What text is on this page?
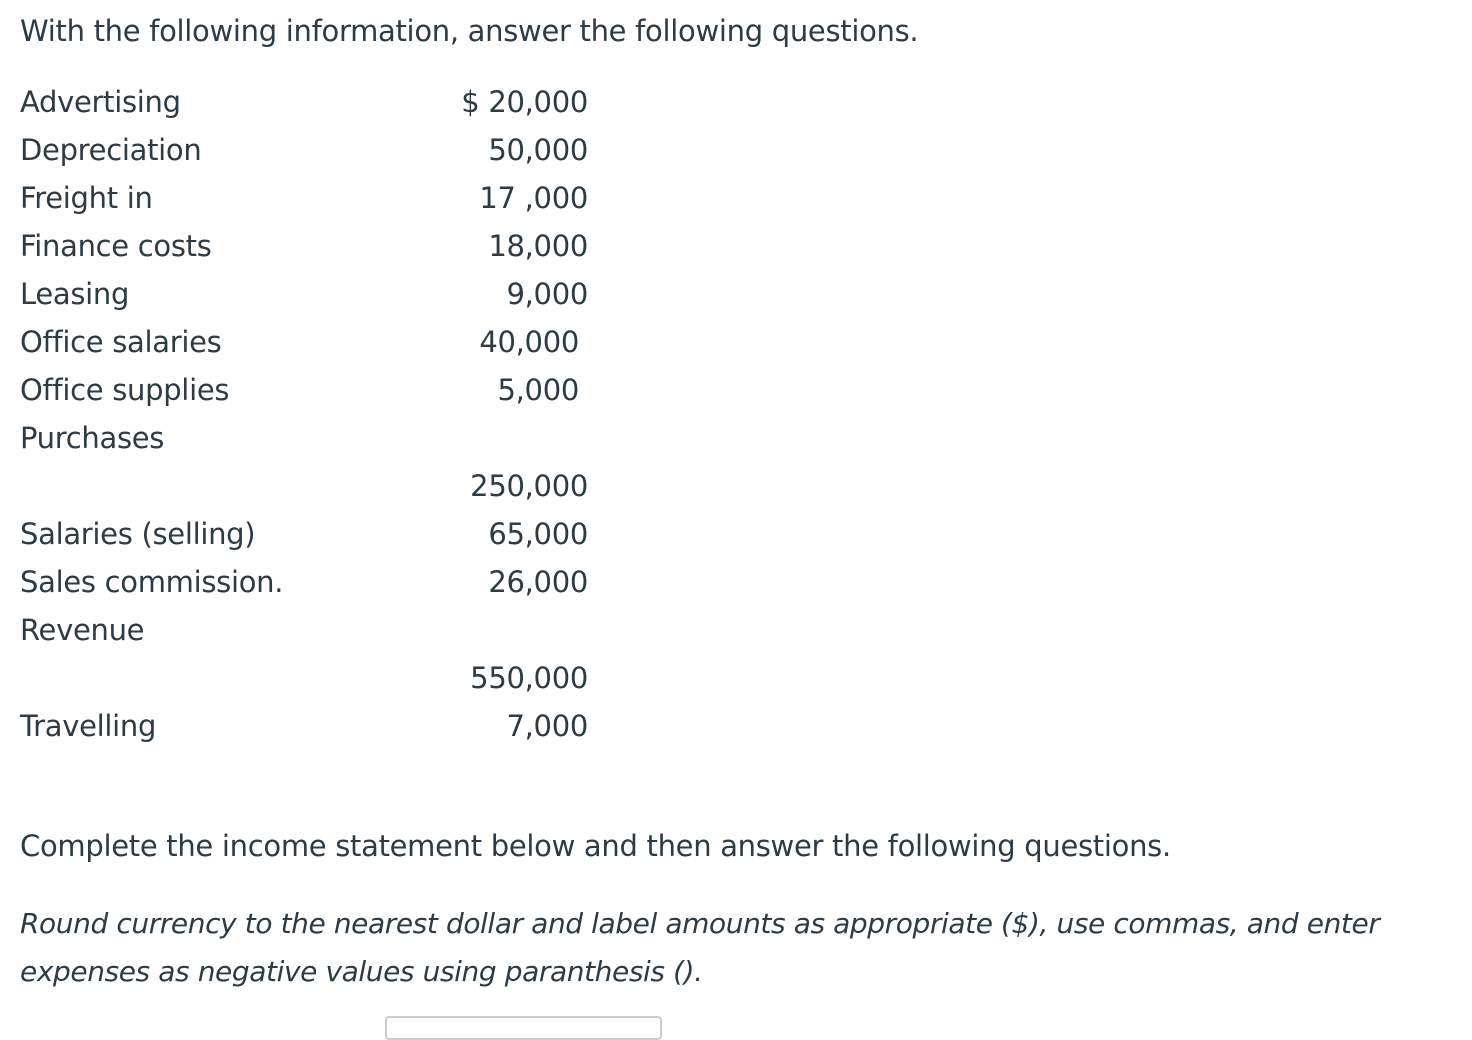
With the following information, answer the following questions.

Advertising
Depreciation
Freight in
Finance costs
Leasing
Office salaries
Office supplies
Purchases
Salaries (selling)
Sales commission.
Revenue
Travelling
$ 20,000
50,000
17 ,000
18,000
9,000
40,000
5,000
250,000
65,000
26,000
550,000
7,000

Complete the income statement below and then answer the following questions.

Round currency to the nearest dollar and label amounts as appropriate ($), use commas, and enter expenses as negative values using paranthesis ().
